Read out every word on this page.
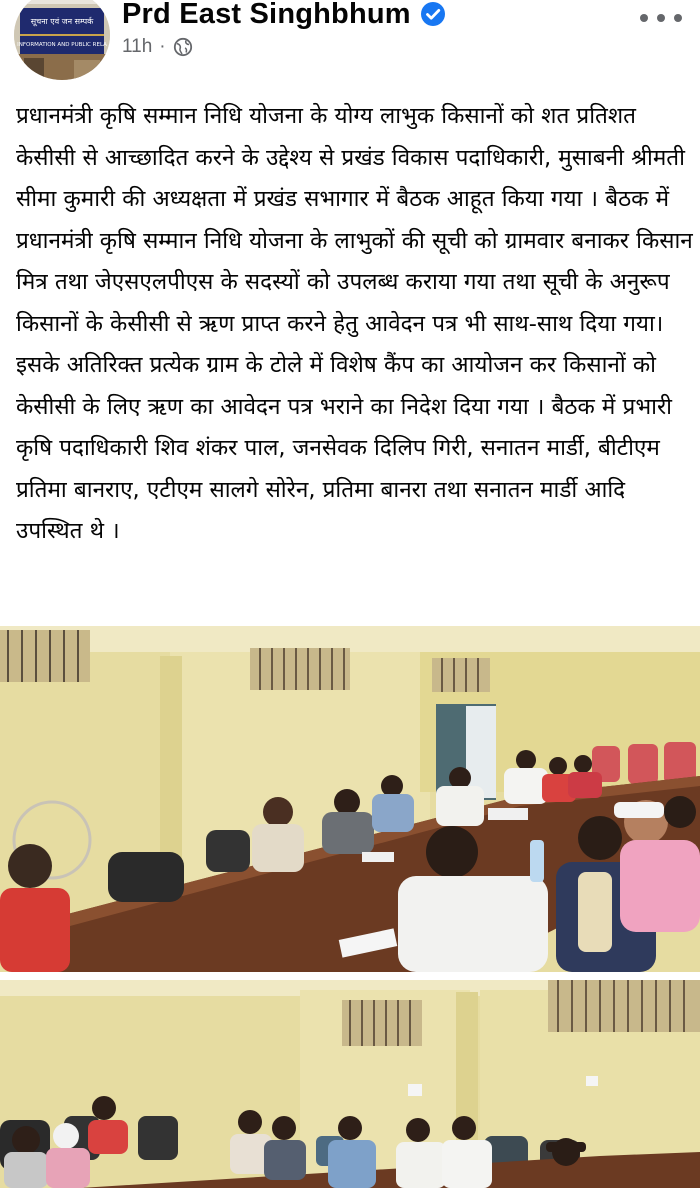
सूचना एवं जन सम्पर्क
INFORMATION AND PUBLIC RELA
Prd East Singhbhum
11h ·
प्रधानमंत्री कृषि सम्मान निधि योजना के योग्य लाभुक किसानों को शत प्रतिशत केसीसी से आच्छादित करने के उद्देश्य से प्रखंड विकास पदाधिकारी, मुसाबनी श्रीमती सीमा कुमारी की अध्यक्षता में प्रखंड सभागार में बैठक आहूत किया गया । बैठक में प्रधानमंत्री कृषि सम्मान निधि योजना के लाभुकों की सूची को ग्रामवार बनाकर किसान मित्र तथा जेएसएलपीएस के सदस्यों को उपलब्ध कराया गया तथा सूची के अनुरूप किसानों के केसीसी से ऋण प्राप्त करने हेतु आवेदन पत्र भी साथ-साथ दिया गया। इसके अतिरिक्त प्रत्येक ग्राम के टोले में विशेष कैंप का आयोजन कर किसानों को केसीसी के लिए ऋण का आवेदन पत्र भराने का निदेश दिया गया । बैठक में प्रभारी कृषि पदाधिकारी शिव शंकर पाल, जनसेवक दिलिप गिरी, सनातन मार्डी, बीटीएम प्रतिमा बानराए, एटीएम सालगे सोरेन, प्रतिमा बानरा तथा सनातन मार्डी आदि उपस्थित थे ।
